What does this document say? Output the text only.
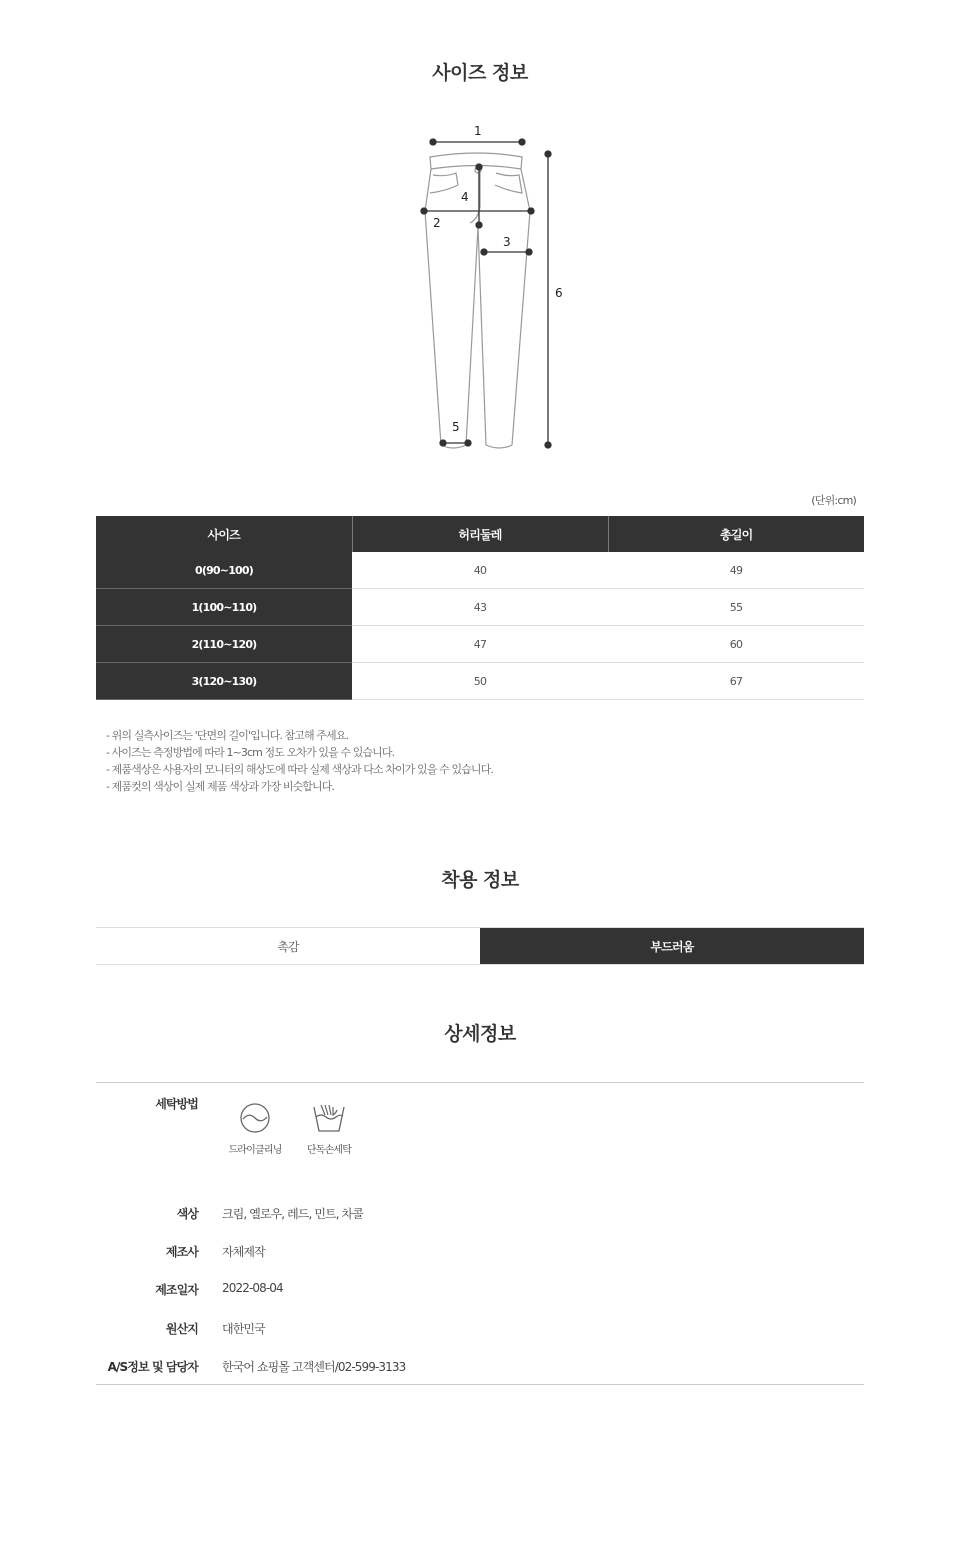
사이즈 정보
1
2
3
4
5
6
(단위:cm)
사이즈	허리둘레	총길이
0(90~100)	40	49
1(100~110)	43	55
2(110~120)	47	60
3(120~130)	50	67
- 위의 실측사이즈는 '단면의 길이'입니다. 참고해 주세요.
- 사이즈는 측정방법에 따라 1~3cm 정도 오차가 있을 수 있습니다.
- 제품색상은 사용자의 모니터의 해상도에 따라 실제 색상과 다소 차이가 있을 수 있습니다.
- 제품컷의 색상이 실제 제품 색상과 가장 비슷합니다.
착용 정보
촉감	부드러움
상세정보
세탁방법
드라이클리닝	단독손세탁
색상 크림, 옐로우, 레드, 민트, 차콜
제조사 자체제작
제조일자 2022-08-04
원산지 대한민국
A/S정보 및 담당자 한국어 쇼핑몰 고객센터/02-599-3133
